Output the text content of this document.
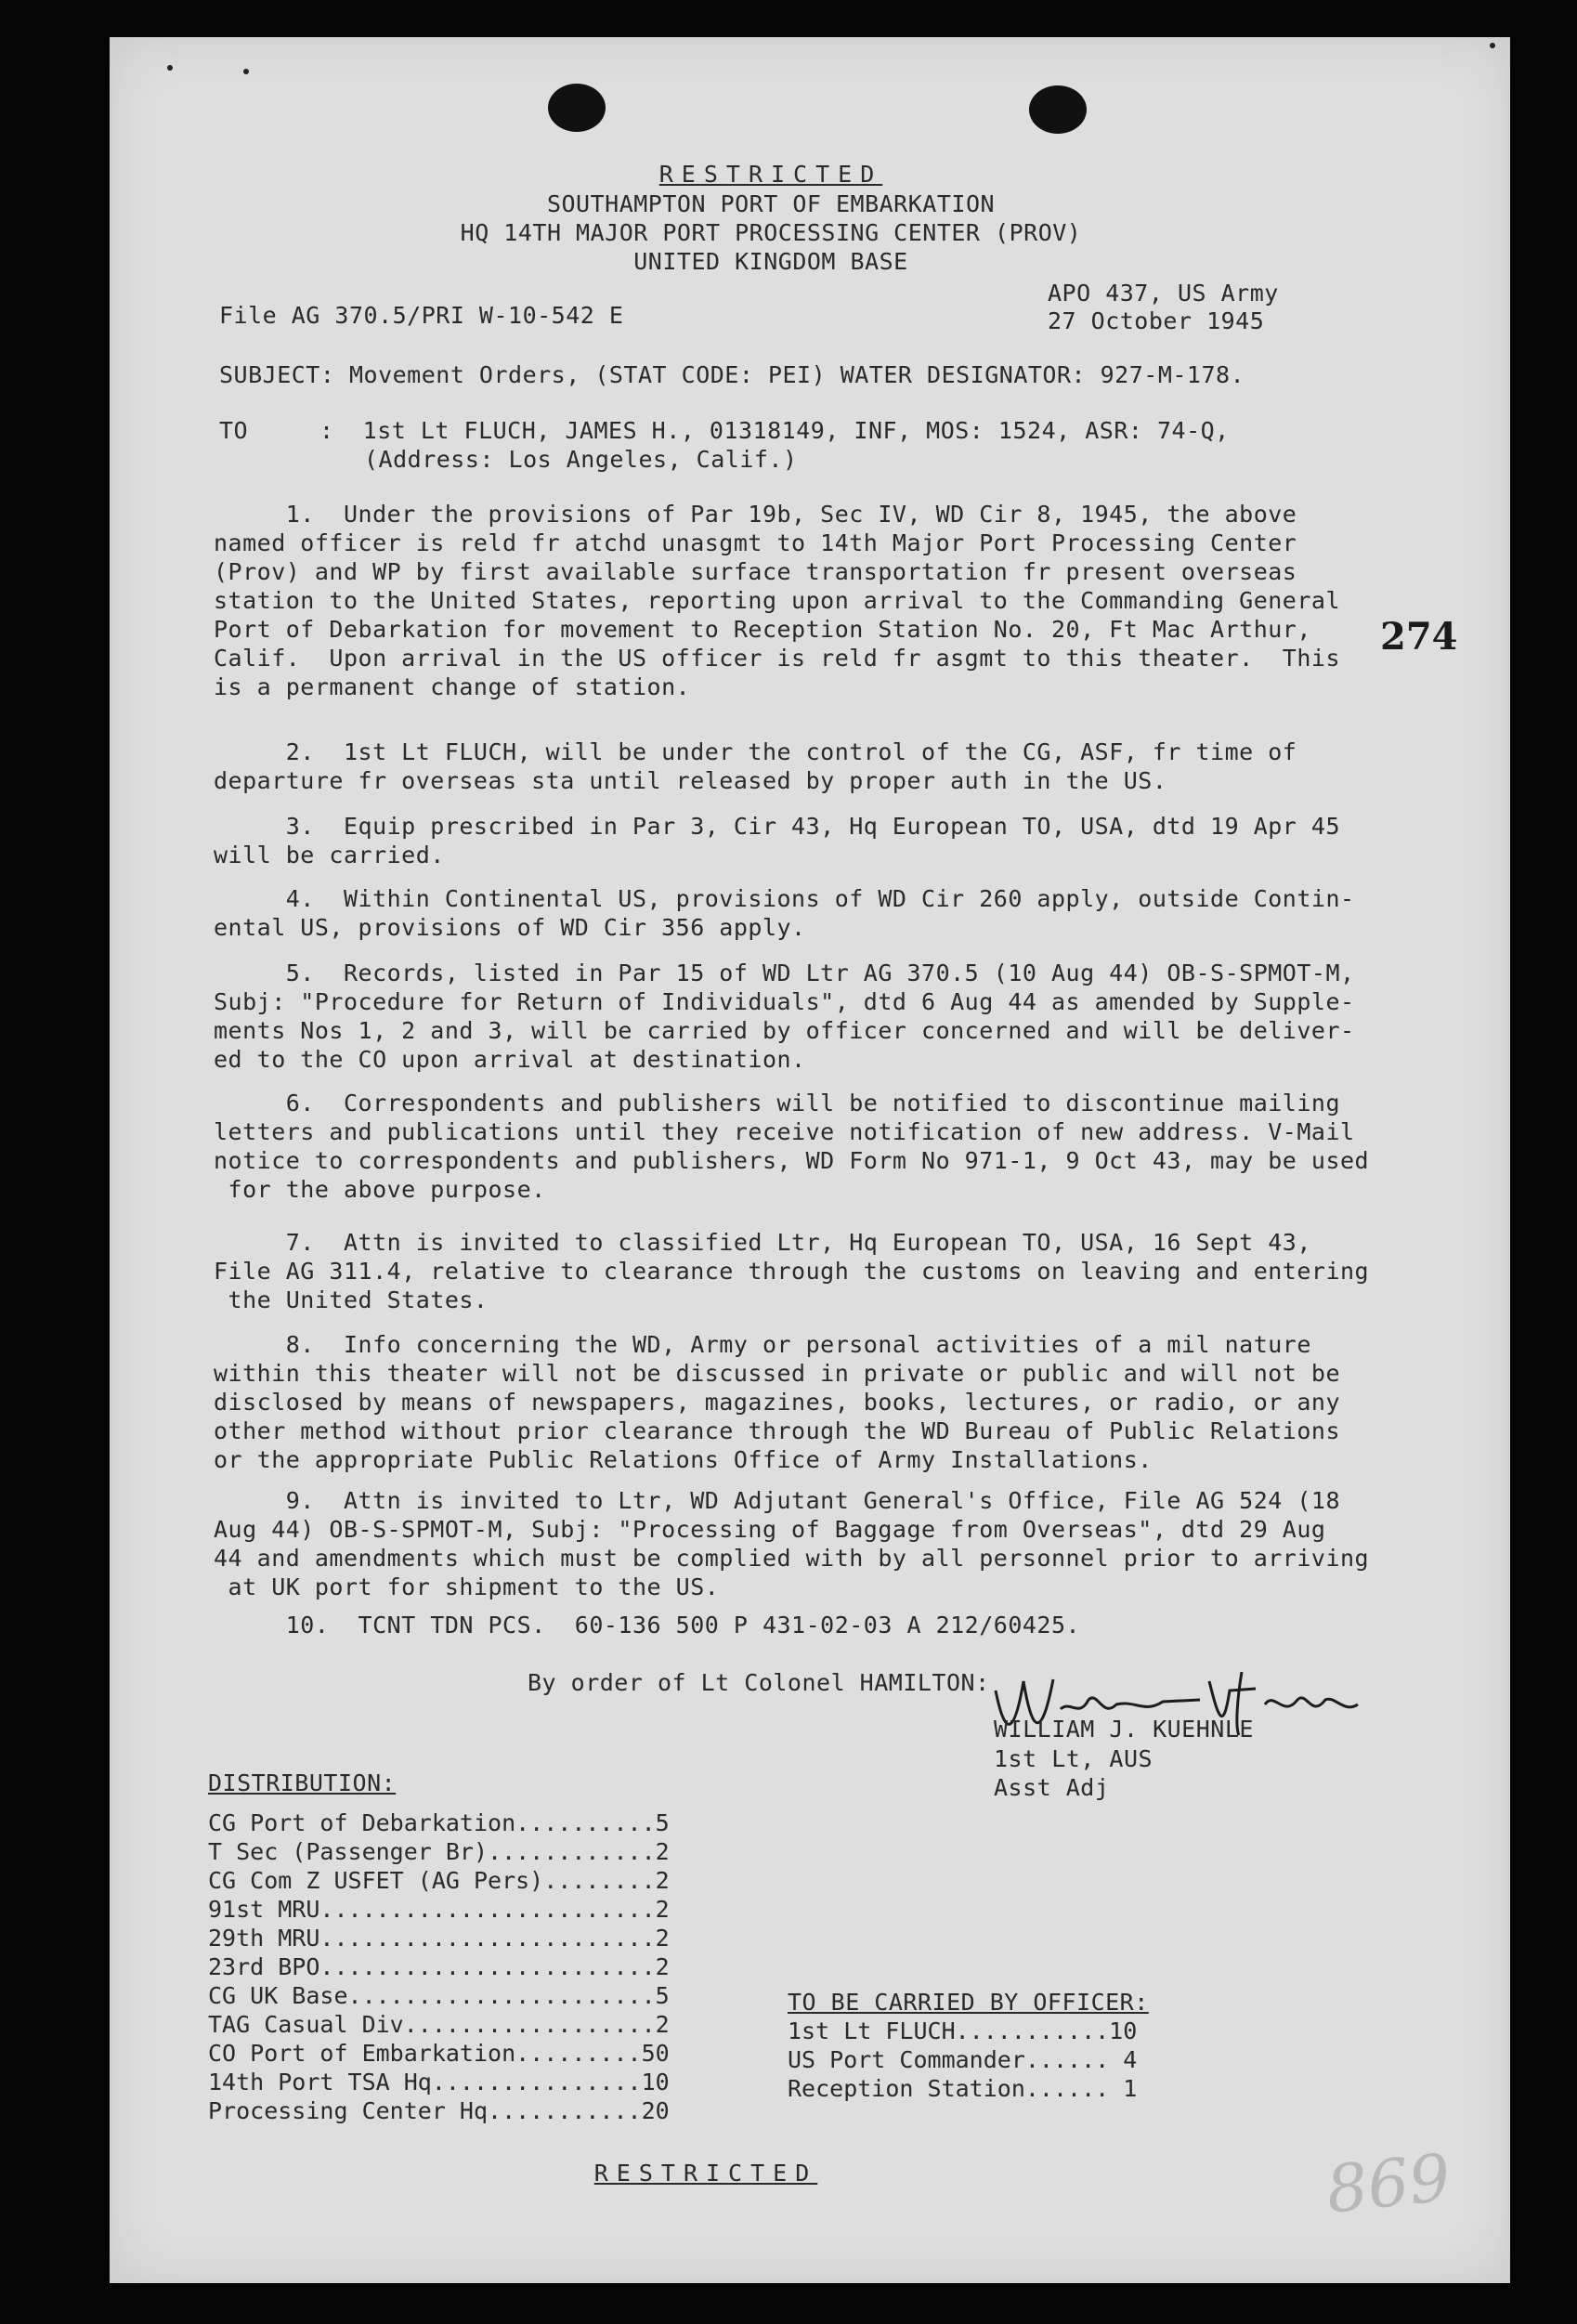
RESTRICTED
SOUTHAMPTON PORT OF EMBARKATION
HQ 14TH MAJOR PORT PROCESSING CENTER (PROV)
UNITED KINGDOM BASE
APO 437, US Army
27 October 1945
File AG 370.5/PRI W-10-542 E
SUBJECT: Movement Orders, (STAT CODE: PEI) WATER DESIGNATOR: 927-M-178.
TO	:  1st Lt FLUCH, JAMES H., 01318149, INF, MOS: 1524, ASR: 74-Q,
(Address: Los Angeles, Calif.)
274
1.  Under the provisions of Par 19b, Sec IV, WD Cir 8, 1945, the above
named officer is reld fr atchd unasgmt to 14th Major Port Processing Center
(Prov) and WP by first available surface transportation fr present overseas
station to the United States, reporting upon arrival to the Commanding General
Port of Debarkation for movement to Reception Station No. 20, Ft Mac Arthur,
Calif.  Upon arrival in the US officer is reld fr asgmt to this theater.  This
is a permanent change of station.
2.  1st Lt FLUCH, will be under the control of the CG, ASF, fr time of
departure fr overseas sta until released by proper auth in the US.
3.  Equip prescribed in Par 3, Cir 43, Hq European TO, USA, dtd 19 Apr 45
will be carried.
4.  Within Continental US, provisions of WD Cir 260 apply, outside Contin-
ental US, provisions of WD Cir 356 apply.
5.  Records, listed in Par 15 of WD Ltr AG 370.5 (10 Aug 44) OB-S-SPMOT-M,
Subj: "Procedure for Return of Individuals", dtd 6 Aug 44 as amended by Supple-
ments Nos 1, 2 and 3, will be carried by officer concerned and will be deliver-
ed to the CO upon arrival at destination.
6.  Correspondents and publishers will be notified to discontinue mailing
letters and publications until they receive notification of new address. V-Mail
notice to correspondents and publishers, WD Form No 971-1, 9 Oct 43, may be used
for the above purpose.
7.  Attn is invited to classified Ltr, Hq European TO, USA, 16 Sept 43,
File AG 311.4, relative to clearance through the customs on leaving and entering
the United States.
8.  Info concerning the WD, Army or personal activities of a mil nature
within this theater will not be discussed in private or public and will not be
disclosed by means of newspapers, magazines, books, lectures, or radio, or any
other method without prior clearance through the WD Bureau of Public Relations
or the appropriate Public Relations Office of Army Installations.
9.  Attn is invited to Ltr, WD Adjutant General's Office, File AG 524 (18
Aug 44) OB-S-SPMOT-M, Subj: "Processing of Baggage from Overseas", dtd 29 Aug
44 and amendments which must be complied with by all personnel prior to arriving
at UK port for shipment to the US.
10.  TCNT TDN PCS.  60-136 500 P 431-02-03 A 212/60425.
By order of Lt Colonel HAMILTON:
WILLIAM J. KUEHNLE
1st Lt, AUS
Asst Adj
DISTRIBUTION:
CG Port of Debarkation..........5
T Sec (Passenger Br)............2
CG Com Z USFET (AG Pers)........2
91st MRU........................2
29th MRU........................2
23rd BPO........................2
CG UK Base......................5
TAG Casual Div..................2
CO Port of Embarkation.........50
14th Port TSA Hq...............10
Processing Center Hq...........20
TO BE CARRIED BY OFFICER:
1st Lt FLUCH...........10
US Port Commander...... 4
Reception Station...... 1
RESTRICTED	869
